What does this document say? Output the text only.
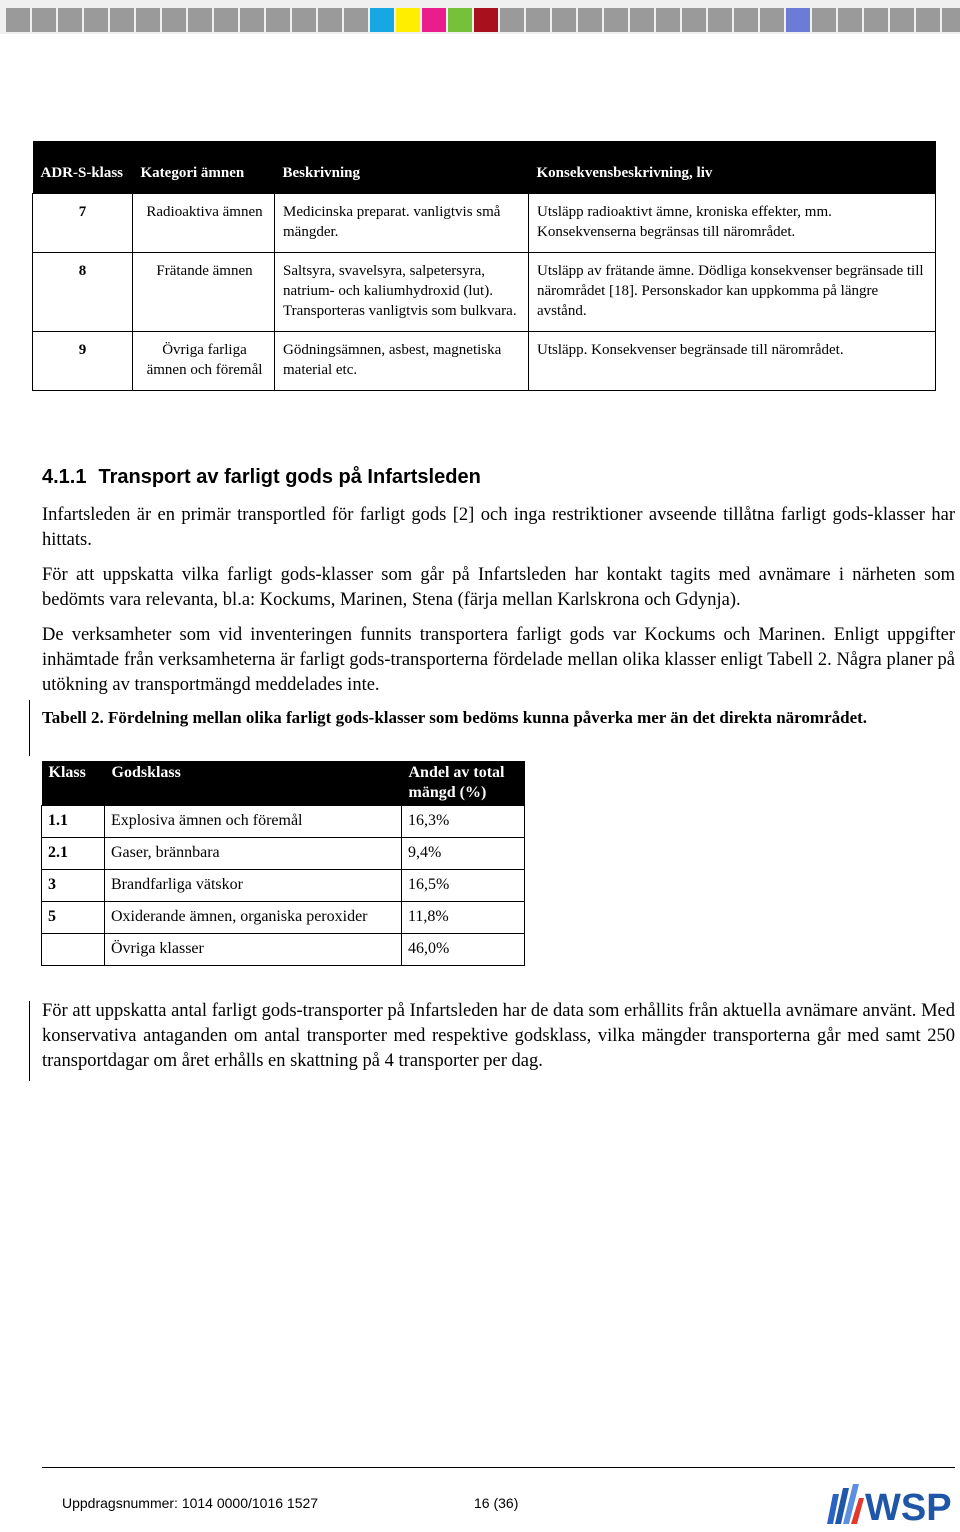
ADR-S-klass	Kategori ämnen	Beskrivning	Konsekvensbeskrivning, liv
7	Radioaktiva ämnen	Medicinska preparat. vanligtvis små mängder.	Utsläpp radioaktivt ämne, kroniska effekter, mm. Konsekvenserna begränsas till närområdet.
8	Frätande ämnen	Saltsyra, svavelsyra, salpetersyra, natrium- och kaliumhydroxid (lut). Transporteras vanligtvis som bulkvara.	Utsläpp av frätande ämne. Dödliga konsekvenser begränsade till närområdet [18]. Personskador kan uppkomma på längre avstånd.
9	Övriga farliga ämnen och föremål	Gödningsämnen, asbest, magnetiska material etc.	Utsläpp. Konsekvenser begränsade till närområdet.
4.1.1 Transport av farligt gods på Infartsleden

Infartsleden är en primär transportled för farligt gods [2] och inga restriktioner avseende tillåtna farligt gods-klasser har hittats.

För att uppskatta vilka farligt gods-klasser som går på Infartsleden har kontakt tagits med avnämare i närheten som bedömts vara relevanta, bl.a: Kockums, Marinen, Stena (färja mellan Karlskrona och Gdynja).

De verksamheter som vid inventeringen funnits transportera farligt gods var Kockums och Marinen. Enligt uppgifter inhämtade från verksamheterna är farligt gods-transporterna fördelade mellan olika klasser enligt Tabell 2. Några planer på utökning av transportmängd meddelades inte.

Tabell 2. Fördelning mellan olika farligt gods-klasser som bedöms kunna påverka mer än det direkta närområdet.
Klass	Godsklass	Andel av total mängd (%)
1.1	Explosiva ämnen och föremål	16,3%
2.1	Gaser, brännbara	9,4%
3	Brandfarliga vätskor	16,5%
5	Oxiderande ämnen, organiska peroxider	11,8%
	Övriga klasser	46,0%

För att uppskatta antal farligt gods-transporter på Infartsleden har de data som erhållits från aktuella avnämare använt. Med konservativa antaganden om antal transporter med respektive godsklass, vilka mängder transporterna går med samt 250 transportdagar om året erhålls en skattning på 4 transporter per dag.

Uppdragsnummer: 1014 0000/1016 1527	16 (36)	WSP
